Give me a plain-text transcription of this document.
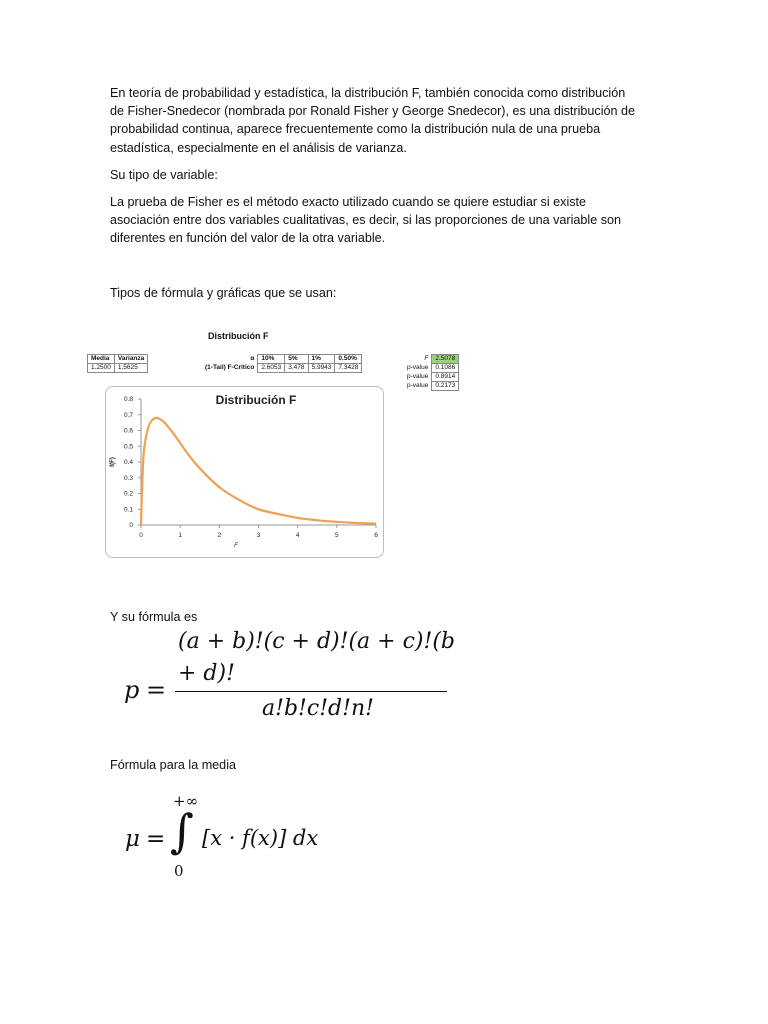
En teoría de probabilidad y estadística, la distribución F, también conocida como distribución
de Fisher-Snedecor (nombrada por Ronald Fisher y George Snedecor), es una distribución de
probabilidad continua, aparece frecuentemente como la distribución nula de una prueba
estadística, especialmente en el análisis de varianza.
Su tipo de variable:
La prueba de Fisher es el método exacto utilizado cuando se quiere estudiar si existe
asociación entre dos variables cualitativas, es decir, si las proporciones de una variable son
diferentes en función del valor de la otra variable.
Tipos de fórmula y gráficas que se usan:
Distribución F
Media	Varianza
1.2500	1.5625
α	10%	5%	1%	0.50%
(1-Tail) F-Crítico	2.6053	3.478	5.9943	7.3428
F	2.5078
p-value	0.1086
p-value	0.8914
p-value	0.2173
Distribución F
f(F)
F
0	1	2	3	4	5	6
0
0.1
0.2
0.3
0.4
0.5
0.6
0.7
0.8
Y su fórmula es
p =
(a + b)!(c + d)!(a + c)!(b
+ d)!
a!b!c!d!n!
Fórmula para la media
+∞
μ = ∫ [x · f(x)] dx
0
